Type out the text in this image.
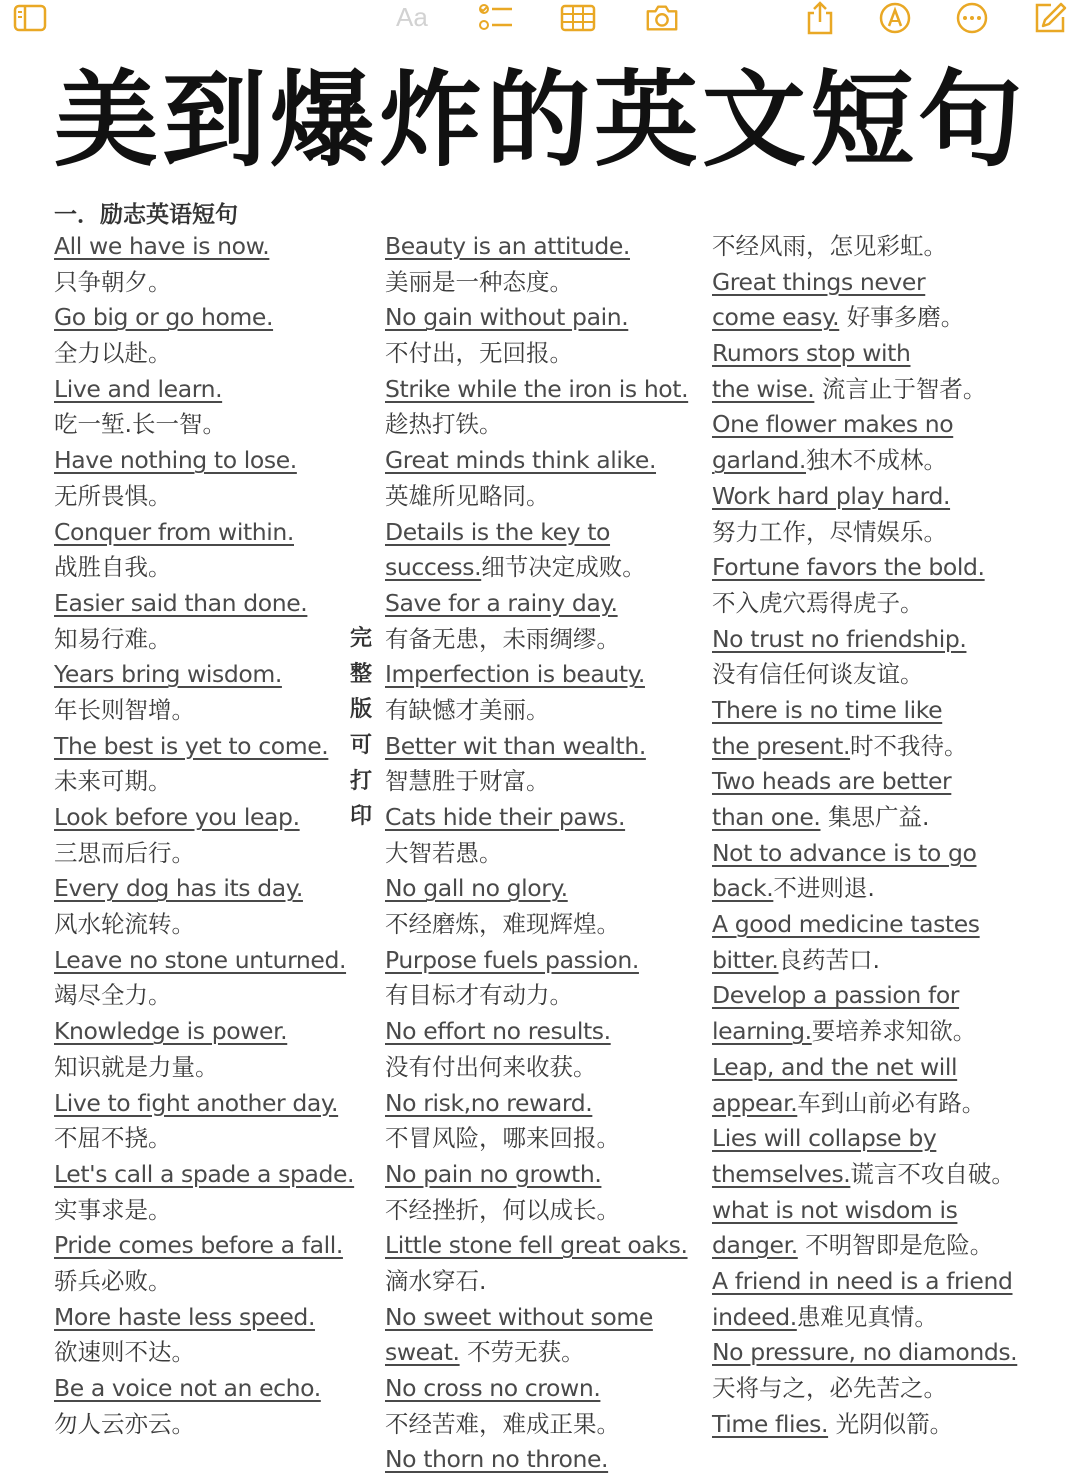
Aa
美到爆炸的英文短句
一．励志英语短句
All we have is now.
只争朝夕。
Go big or go home.
全力以赴。
Live and learn.
吃一堑.长一智。
Have nothing to lose.
无所畏惧。
Conquer from within.
战胜自我。
Easier said than done.
知易行难。
Years bring wisdom.
年长则智增。
The best is yet to come.
未来可期。
Look before you leap.
三思而后行。
Every dog has its day.
风水轮流转。
Leave no stone unturned.
竭尽全力。
Knowledge is power.
知识就是力量。
Live to fight another day.
不屈不挠。
Let's call a spade a spade.
实事求是。
Pride comes before a fall.
骄兵必败。
More haste less speed.
欲速则不达。
Be a voice not an echo.
勿人云亦云。
Beauty is an attitude.
美丽是一种态度。
No gain without pain.
不付出，无回报。
Strike while the iron is hot.
趁热打铁。
Great minds think alike.
英雄所见略同。
Details is the key to
success.细节决定成败。
Save for a rainy day.
有备无患，未雨绸缪。
Imperfection is beauty.
有缺憾才美丽。
Better wit than wealth.
智慧胜于财富。
Cats hide their paws.
大智若愚。
No gall no glory.
不经磨炼，难现辉煌。
Purpose fuels passion.
有目标才有动力。
No effort no results.
没有付出何来收获。
No risk,no reward.
不冒风险，哪来回报。
No pain no growth.
不经挫折，何以成长。
Little stone fell great oaks.
滴水穿石.
No sweet without some
sweat. 不劳无获。
No cross no crown.
不经苦难，难成正果。
No thorn no throne.
不经风雨，怎见彩虹。
Great things never
come easy. 好事多磨。
Rumors stop with
the wise. 流言止于智者。
One flower makes no
garland.独木不成林。
Work hard play hard.
努力工作，尽情娱乐。
Fortune favors the bold.
不入虎穴焉得虎子。
No trust no friendship.
没有信任何谈友谊。
There is no time like
the present.时不我待。
Two heads are better
than one. 集思广益.
Not to advance is to go
back.不进则退.
A good medicine tastes
bitter.良药苦口.
Develop a passion for
learning.要培养求知欲。
Leap, and the net will
appear.车到山前必有路。
Lies will collapse by
themselves.谎言不攻自破。
what is not wisdom is
danger. 不明智即是危险。
A friend in need is a friend
indeed.患难见真情。
No pressure, no diamonds.
天将与之，必先苦之。
Time flies. 光阴似箭。
完
整
版
可
打
印
